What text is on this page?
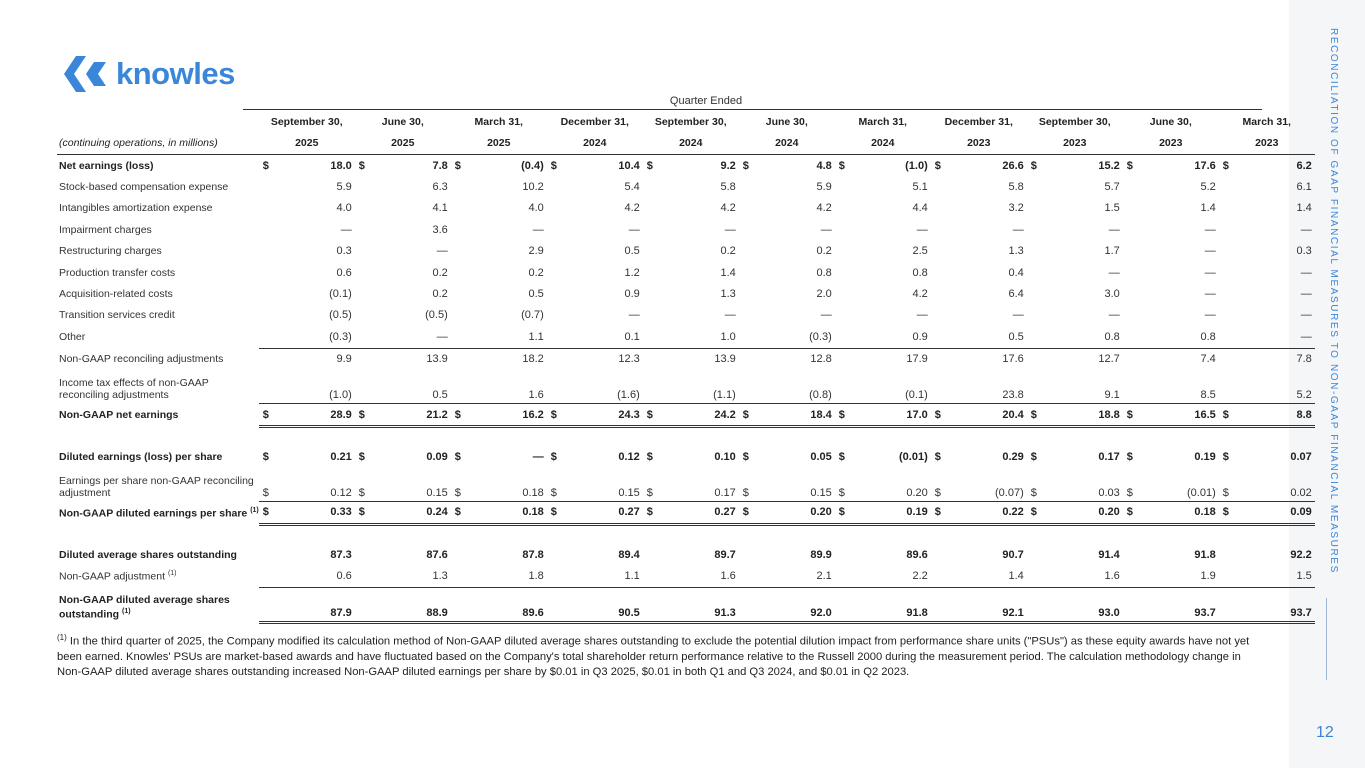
knowles	RECONCILIATION OF GAAP FINANCIAL MEASURES TO NON-GAAP FINANCIAL MEASURES
12
Quarter Ended
	September 30,		June 30,		March 31,		December 31,		September 30,		June 30,		March 31,		December 31,		September 30,		June 30,		March 31,	
(continuing operations, in millions)	2025		2025		2025		2024		2024		2024		2024		2023		2023		2023		2023	
Net earnings (loss)	$	18.0	$	7.8	$	(0.4)	$	10.4	$	9.2	$	4.8	$	(1.0)	$	26.6	$	15.2	$	17.6	$	6.2
Stock-based compensation expense		5.9		6.3		10.2		5.4		5.8		5.9		5.1		5.8		5.7		5.2		6.1
Intangibles amortization expense		4.0		4.1		4.0		4.2		4.2		4.2		4.4		3.2		1.5		1.4		1.4
Impairment charges		—		3.6		—		—		—		—		—		—		—		—		—
Restructuring charges		0.3		—		2.9		0.5		0.2		0.2		2.5		1.3		1.7		—		0.3
Production transfer costs		0.6		0.2		0.2		1.2		1.4		0.8		0.8		0.4		—		—		—
Acquisition-related costs		(0.1)		0.2		0.5		0.9		1.3		2.0		4.2		6.4		3.0		—		—
Transition services credit		(0.5)		(0.5)		(0.7)		—		—		—		—		—		—		—		—
Other		(0.3)		—		1.1		0.1		1.0		(0.3)		0.9		0.5		0.8		0.8		—
Non-GAAP reconciling adjustments		9.9		13.9		18.2		12.3		13.9		12.8		17.9		17.6		12.7		7.4		7.8
Income tax effects of non-GAAP reconciling adjustments		(1.0)		0.5		1.6		(1.6)		(1.1)		(0.8)		(0.1)		23.8		9.1		8.5		5.2
Non-GAAP net earnings	$	28.9	$	21.2	$	16.2	$	24.3	$	24.2	$	18.4	$	17.0	$	20.4	$	18.8	$	16.5	$	8.8

Diluted earnings (loss) per share	$	0.21	$	0.09	$	—	$	0.12	$	0.10	$	0.05	$	(0.01)	$	0.29	$	0.17	$	0.19	$	0.07
Earnings per share non-GAAP reconciling adjustment	$	0.12	$	0.15	$	0.18	$	0.15	$	0.17	$	0.15	$	0.20	$	(0.07)	$	0.03	$	(0.01)	$	0.02
Non-GAAP diluted earnings per share $^{(1)}$	$	0.33	$	0.24	$	0.18	$	0.27	$	0.27	$	0.20	$	0.19	$	0.22	$	0.20	$	0.18	$	0.09

Diluted average shares outstanding		87.3		87.6		87.8		89.4		89.7		89.9		89.6		90.7		91.4		91.8		92.2
Non-GAAP adjustment $^{(1)}$		0.6		1.3		1.8		1.1		1.6		2.1		2.2		1.4		1.6		1.9		1.5
Non-GAAP diluted average shares outstanding $^{(1)}$		87.9		88.9		89.6		90.5		91.3		92.0		91.8		92.1		93.0		93.7		93.7
$^{(1)}$ In the third quarter of 2025, the Company modified its calculation method of Non-GAAP diluted average shares outstanding to exclude the potential dilution impact from performance share units ("PSUs") as these equity awards have not yet been earned. Knowles' PSUs are market-based awards and have fluctuated based on the Company's total shareholder return performance relative to the Russell 2000 during the measurement period. The calculation methodology change in Non-GAAP diluted average shares outstanding increased Non-GAAP diluted earnings per share by $0.01 in Q3 2025, $0.01 in both Q1 and Q3 2024, and $0.01 in Q2 2023.
